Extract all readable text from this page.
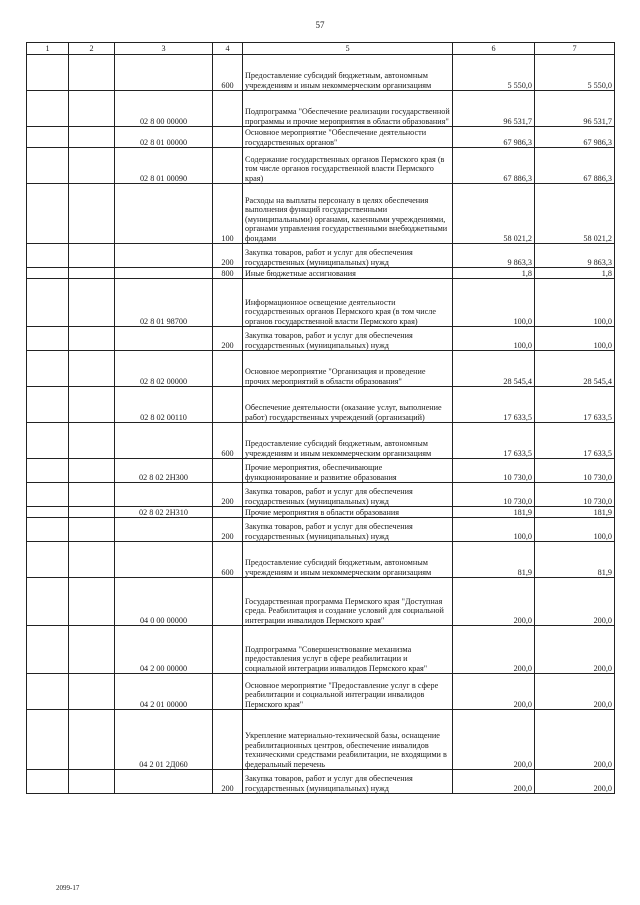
57
1	2	3	4	5	6	7
			600	Предоставление субсидий бюджетным, автономным учреждениям и иным некоммерческим организациям	5 550,0	5 550,0
		02 8 00 00000		Подпрограмма "Обеспечение реализации государственной программы и прочие мероприятия в области образования"	96 531,7	96 531,7
		02 8 01 00000		Основное мероприятие "Обеспечение деятельности государственных органов"	67 986,3	67 986,3
		02 8 01 00090		Содержание государственных органов Пермского края (в том числе органов государственной власти Пермского края)	67 886,3	67 886,3
			100	Расходы на выплаты персоналу в целях обеспечения выполнения функций государственными (муниципальными) органами, казенными учреждениями, органами управления государственными внебюджетными фондами	58 021,2	58 021,2
			200	Закупка товаров, работ и услуг для обеспечения государственных (муниципальных) нужд	9 863,3	9 863,3
			800	Иные бюджетные ассигнования	1,8	1,8
		02 8 01 98700		Информационное освещение деятельности государственных органов Пермского края (в том числе органов государственной власти Пермского края)	100,0	100,0
			200	Закупка товаров, работ и услуг для обеспечения государственных (муниципальных) нужд	100,0	100,0
		02 8 02 00000		Основное мероприятие "Организация и проведение прочих мероприятий в области образования"	28 545,4	28 545,4
		02 8 02 00110		Обеспечение деятельности (оказание услуг, выполнение работ) государственных учреждений (организаций)	17 633,5	17 633,5
			600	Предоставление субсидий бюджетным, автономным учреждениям и иным некоммерческим организациям	17 633,5	17 633,5
		02 8 02 2Н300		Прочие мероприятия, обеспечивающие функционирование и развитие образования	10 730,0	10 730,0
			200	Закупка товаров, работ и услуг для обеспечения государственных (муниципальных) нужд	10 730,0	10 730,0
		02 8 02 2Н310		Прочие мероприятия в области образования	181,9	181,9
			200	Закупка товаров, работ и услуг для обеспечения государственных (муниципальных) нужд	100,0	100,0
			600	Предоставление субсидий бюджетным, автономным учреждениям и иным некоммерческим организациям	81,9	81,9
		04 0 00 00000		Государственная программа Пермского края "Доступная среда. Реабилитация и создание условий для социальной интеграции инвалидов Пермского края"	200,0	200,0
		04 2 00 00000		Подпрограмма "Совершенствование механизма предоставления услуг в сфере реабилитации и социальной интеграции инвалидов Пермского края"	200,0	200,0
		04 2 01 00000		Основное мероприятие "Предоставление услуг в сфере реабилитации и социальной интеграции инвалидов Пермского края"	200,0	200,0
		04 2 01 2Д060		Укрепление материально-технической базы, оснащение реабилитационных центров, обеспечение инвалидов техническими средствами реабилитации, не входящими в федеральный перечень	200,0	200,0
			200	Закупка товаров, работ и услуг для обеспечения государственных (муниципальных) нужд	200,0	200,0
2099-17
